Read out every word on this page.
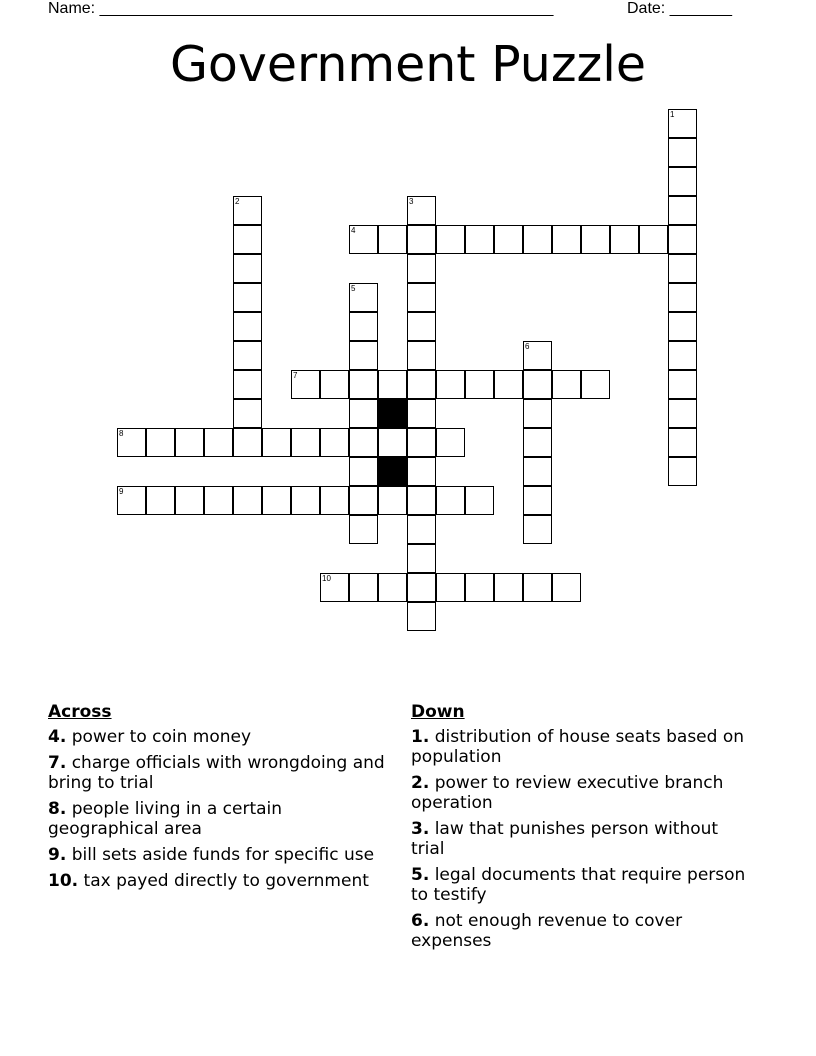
Name: ___________________________________________________	Date: _______
Government Puzzle
1
2	3
4
5
6
7
8
9
10
Across
4. power to coin money
7. charge officials with wrongdoing and bring to trial
8. people living in a certain geographical area
9. bill sets aside funds for specific use
10. tax payed directly to government
Down
1. distribution of house seats based on population
2. power to review executive branch operation
3. law that punishes person without trial
5. legal documents that require person to testify
6. not enough revenue to cover expenses
